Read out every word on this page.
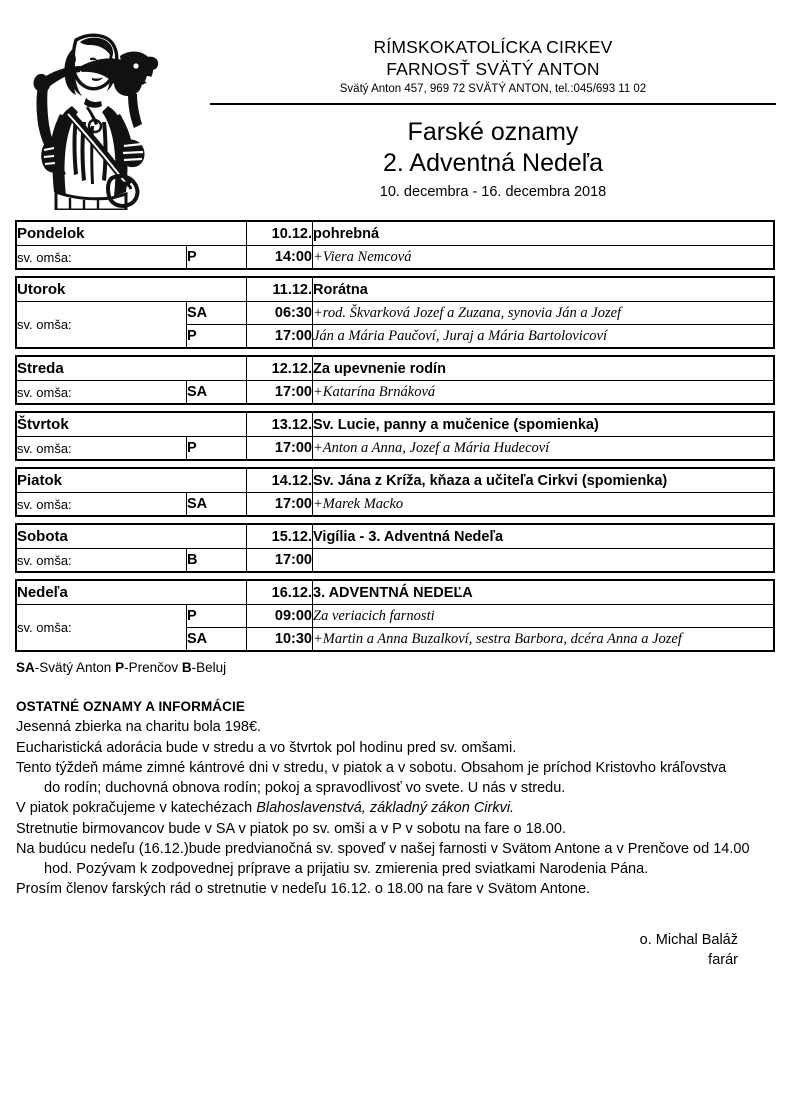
RÍMSKOKATOLÍCKA CIRKEV
FARNOSŤ SVÄTÝ ANTON
Svätý Anton 457, 969 72 SVÄTÝ ANTON, tel.:045/693 11 02
Farské oznamy
2. Adventná Nedeľa
10. decembra - 16. decembra 2018
Pondelok		10.12.	pohrebná
sv. omša:	P	14:00	+Viera Nemcová
Utorok		11.12.	Rorátna
sv. omša:	SA	06:30	+rod. Škvarková Jozef a Zuzana, synovia Ján a Jozef
	P	17:00	Ján a Mária Paučoví, Juraj a Mária Bartolovicoví
Streda		12.12.	Za upevnenie rodín
sv. omša:	SA	17:00	+Katarína Brnáková
Štvrtok		13.12.	Sv. Lucie, panny a mučenice (spomienka)
sv. omša:	P	17:00	+Anton a Anna, Jozef a Mária Hudecoví
Piatok		14.12.	Sv. Jána z Kríža, kňaza a učiteľa Cirkvi (spomienka)
sv. omša:	SA	17:00	+Marek Macko
Sobota		15.12.	Vigília - 3. Adventná Nedeľa
sv. omša:	B	17:00	
Nedeľa		16.12.	3. ADVENTNÁ NEDEĽA
sv. omša:	P	09:00	Za veriacich farnosti
	SA	10:30	+Martin a Anna Buzalkoví, sestra Barbora, dcéra Anna a Jozef
SA-Svätý Anton P-Prenčov B-Beluj
OSTATNÉ OZNAMY A INFORMÁCIE
Jesenná zbierka na charitu bola 198€.
Eucharistická adorácia bude v stredu a vo štvrtok pol hodinu pred sv. omšami.
Tento týždeň máme zimné kántrové dni v stredu, v piatok a v sobotu. Obsahom je príchod Kristovho kráľovstva
do rodín; duchovná obnova rodín; pokoj a spravodlivosť vo svete. U nás v stredu.
V piatok pokračujeme v katechézach Blahoslavenstvá, základný zákon Cirkvi.
Stretnutie birmovancov bude v SA v piatok po sv. omši a v P v sobotu na fare o 18.00.
Na budúcu nedeľu (16.12.)bude predvianočná sv. spoveď v našej farnosti v Svätom Antone a v Prenčove od 14.00
hod. Pozývam k zodpovednej príprave a prijatiu sv. zmierenia pred sviatkami Narodenia Pána.
Prosím členov farských rád o stretnutie v nedeľu 16.12. o 18.00 na fare v Svätom Antone.
o. Michal Baláž
farár
